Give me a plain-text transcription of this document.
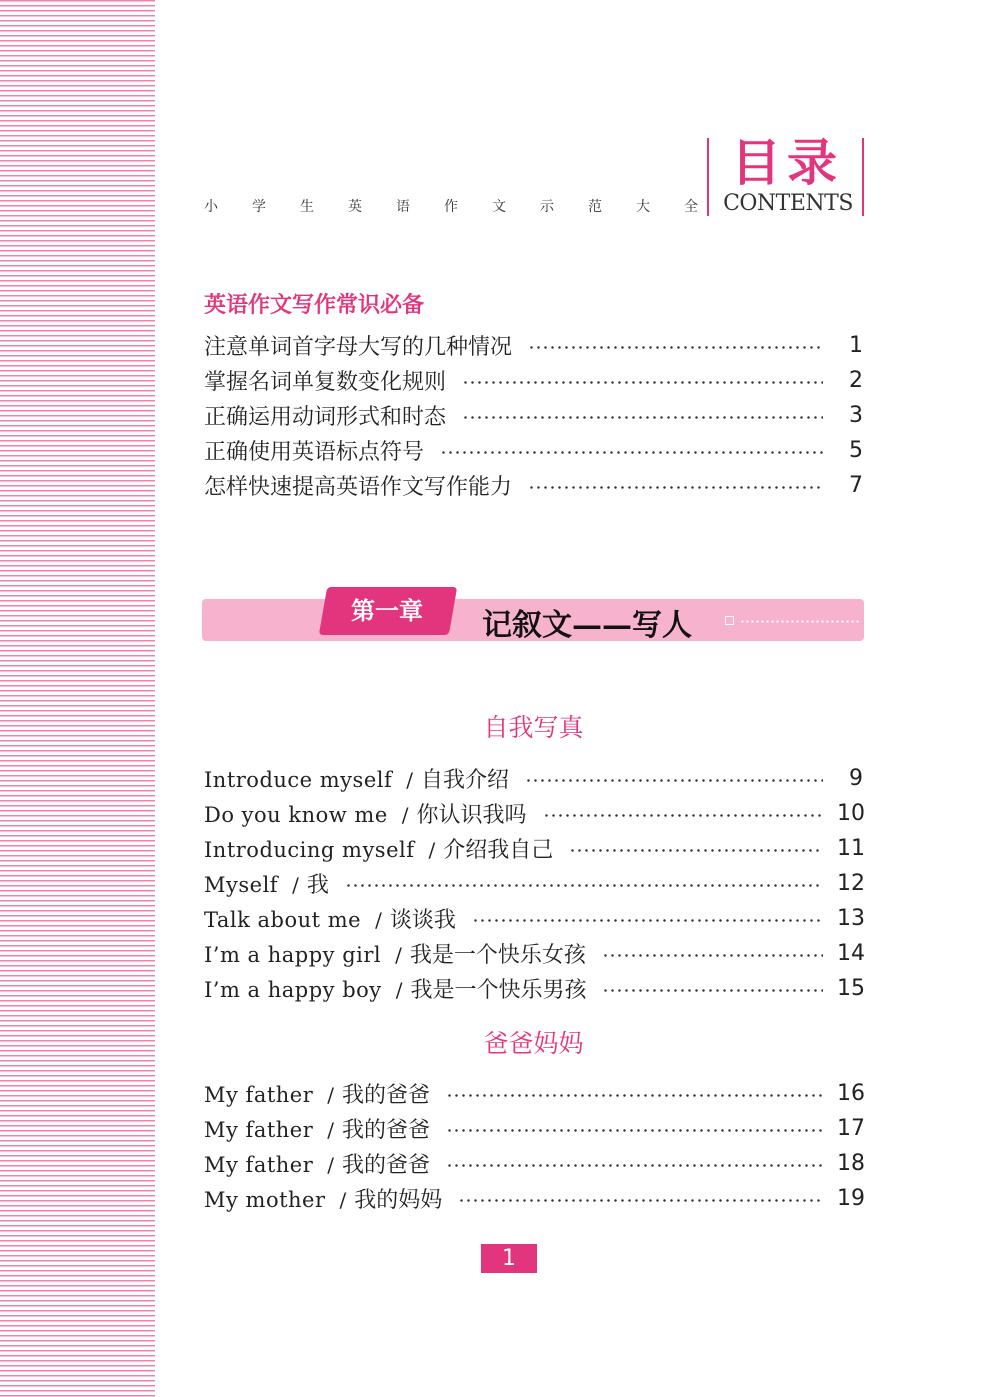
小 学 生 英 语 作 文 示 范 大 全
目录
CONTENTS
英语作文写作常识必备
注意单词首字母大写的几种情况	1
掌握名词单复数变化规则	2
正确运用动词形式和时态	3
正确使用英语标点符号	5
怎样快速提高英语作文写作能力	7
第一章	记叙文——写人
自我写真
Introduce myself / 自我介绍	9
Do you know me / 你认识我吗	10
Introducing myself / 介绍我自己	11
Myself / 我	12
Talk about me / 谈谈我	13
I’m a happy girl / 我是一个快乐女孩	14
I’m a happy boy / 我是一个快乐男孩	15
爸爸妈妈
My father / 我的爸爸	16
My father / 我的爸爸	17
My father / 我的爸爸	18
My mother / 我的妈妈	19
1
